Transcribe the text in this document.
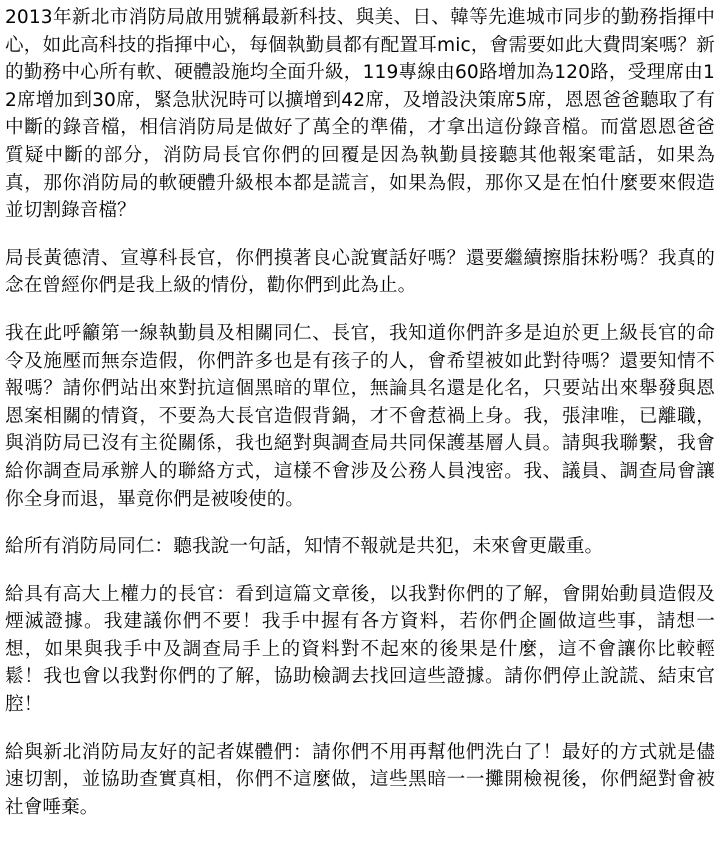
2013年新北市消防局啟用號稱最新科技、與美、日、韓等先進城市同步的勤務指揮中心，如此高科技的指揮中心，每個執勤員都有配置耳mic，會需要如此大費問案嗎？新的勤務中心所有軟、硬體設施均全面升級，119專線由60路增加為120路，受理席由12席增加到30席，緊急狀況時可以擴增到42席，及增設決策席5席，恩恩爸爸聽取了有中斷的錄音檔，相信消防局是做好了萬全的準備，才拿出這份錄音檔。而當恩恩爸爸質疑中斷的部分，消防局長官你們的回覆是因為執勤員接聽其他報案電話，如果為真，那你消防局的軟硬體升級根本都是謊言，如果為假，那你又是在怕什麼要來假造並切割錄音檔？

局長黃德清、宣導科長官，你們摸著良心說實話好嗎？還要繼續擦脂抹粉嗎？我真的念在曾經你們是我上級的情份，勸你們到此為止。

我在此呼籲第一線執勤員及相關同仁、長官，我知道你們許多是迫於更上級長官的命令及施壓而無奈造假，你們許多也是有孩子的人，會希望被如此對待嗎？還要知情不報嗎？請你們站出來對抗這個黑暗的單位，無論具名還是化名，只要站出來舉發與恩恩案相關的情資，不要為大長官造假背鍋，才不會惹禍上身。我，張津唯，已離職，與消防局已沒有主從關係，我也絕對與調查局共同保護基層人員。請與我聯繫，我會給你調查局承辦人的聯絡方式，這樣不會涉及公務人員洩密。我、議員、調查局會讓你全身而退，畢竟你們是被唆使的。

給所有消防局同仁：聽我說一句話，知情不報就是共犯，未來會更嚴重。

給具有高大上權力的長官：看到這篇文章後，以我對你們的了解，會開始動員造假及煙滅證據。我建議你們不要！我手中握有各方資料，若你們企圖做這些事，請想一想，如果與我手中及調查局手上的資料對不起來的後果是什麼，這不會讓你比較輕鬆！我也會以我對你們的了解，協助檢調去找回這些證據。請你們停止說謊、結束官腔！

給與新北消防局友好的記者媒體們：請你們不用再幫他們洗白了！最好的方式就是儘速切割，並協助查實真相，你們不這麼做，這些黑暗一一攤開檢視後，你們絕對會被社會唾棄。
